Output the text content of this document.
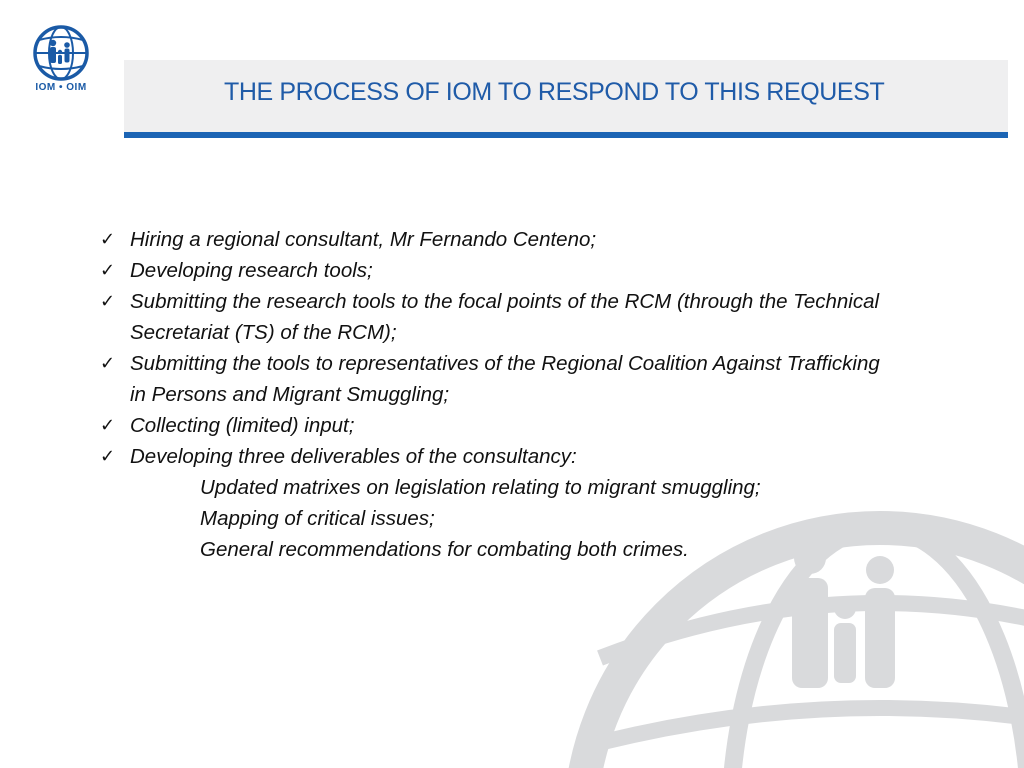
IOM • OIM	THE PROCESS OF IOM TO RESPOND TO THIS REQUEST
✓ Hiring a regional consultant, Mr Fernando Centeno;
✓ Developing research tools;
✓ Submitting the research tools to the focal points of the RCM (through the Technical Secretariat (TS) of the RCM);
✓ Submitting the tools to representatives of the Regional Coalition Against Trafficking in Persons and Migrant Smuggling;
✓ Collecting (limited) input;
✓ Developing three deliverables of the consultancy:
Updated matrixes on legislation relating to migrant smuggling;
Mapping of critical issues;
General recommendations for combating both crimes.
